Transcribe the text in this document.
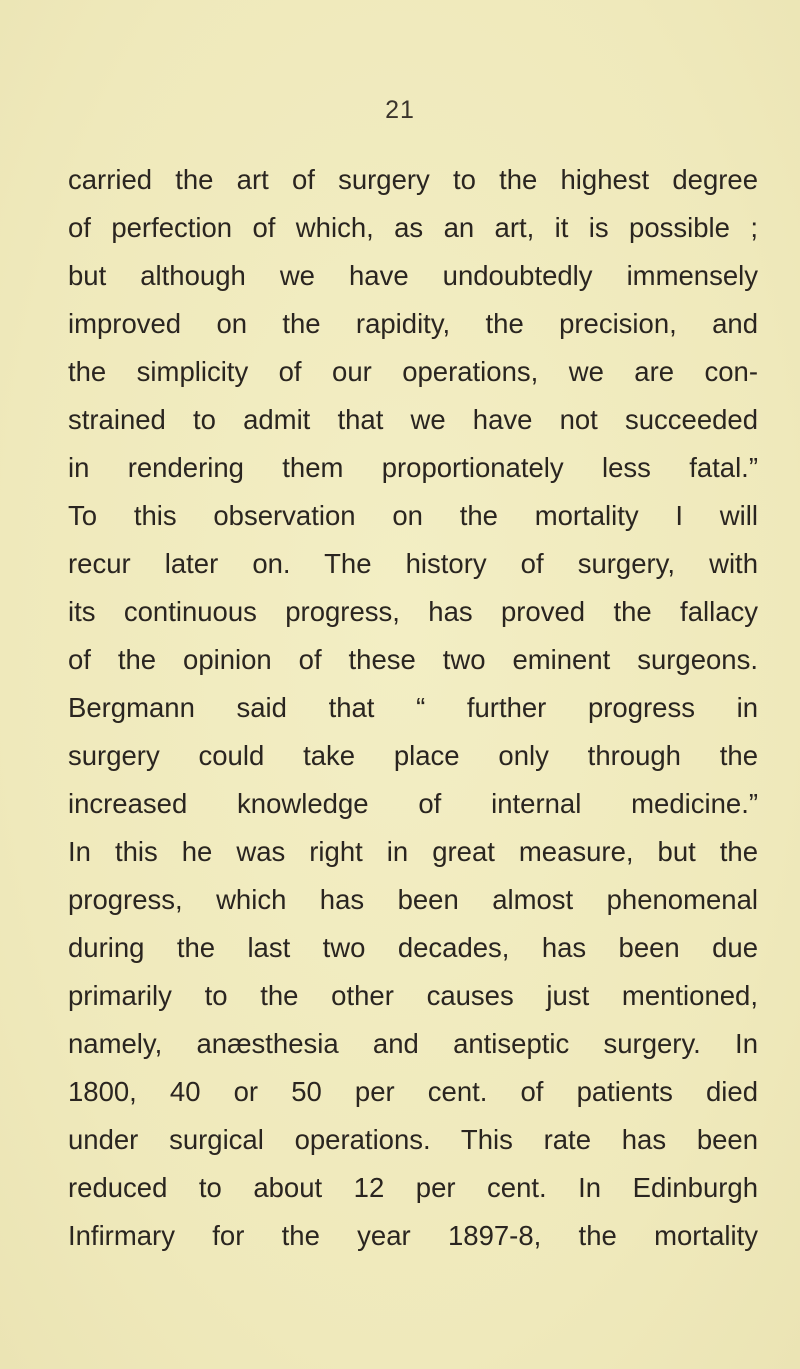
21
carried the art of surgery to the highest degree
of perfection of which, as an art, it is possible ;
but although we have undoubtedly immensely
improved on the rapidity, the precision, and
the simplicity of our operations, we are con-
strained to admit that we have not succeeded
in rendering them proportionately less fatal.”
To this observation on the mortality I will
recur later on. The history of surgery, with
its continuous progress, has proved the fallacy
of the opinion of these two eminent surgeons.
Bergmann said that “ further progress in
surgery could take place only through the
increased knowledge of internal medicine.”
In this he was right in great measure, but the
progress, which has been almost phenomenal
during the last two decades, has been due
primarily to the other causes just mentioned,
namely, anæsthesia and antiseptic surgery. In
1800, 40 or 50 per cent. of patients died
under surgical operations. This rate has been
reduced to about 12 per cent. In Edinburgh
Infirmary for the year 1897-8, the mortality
